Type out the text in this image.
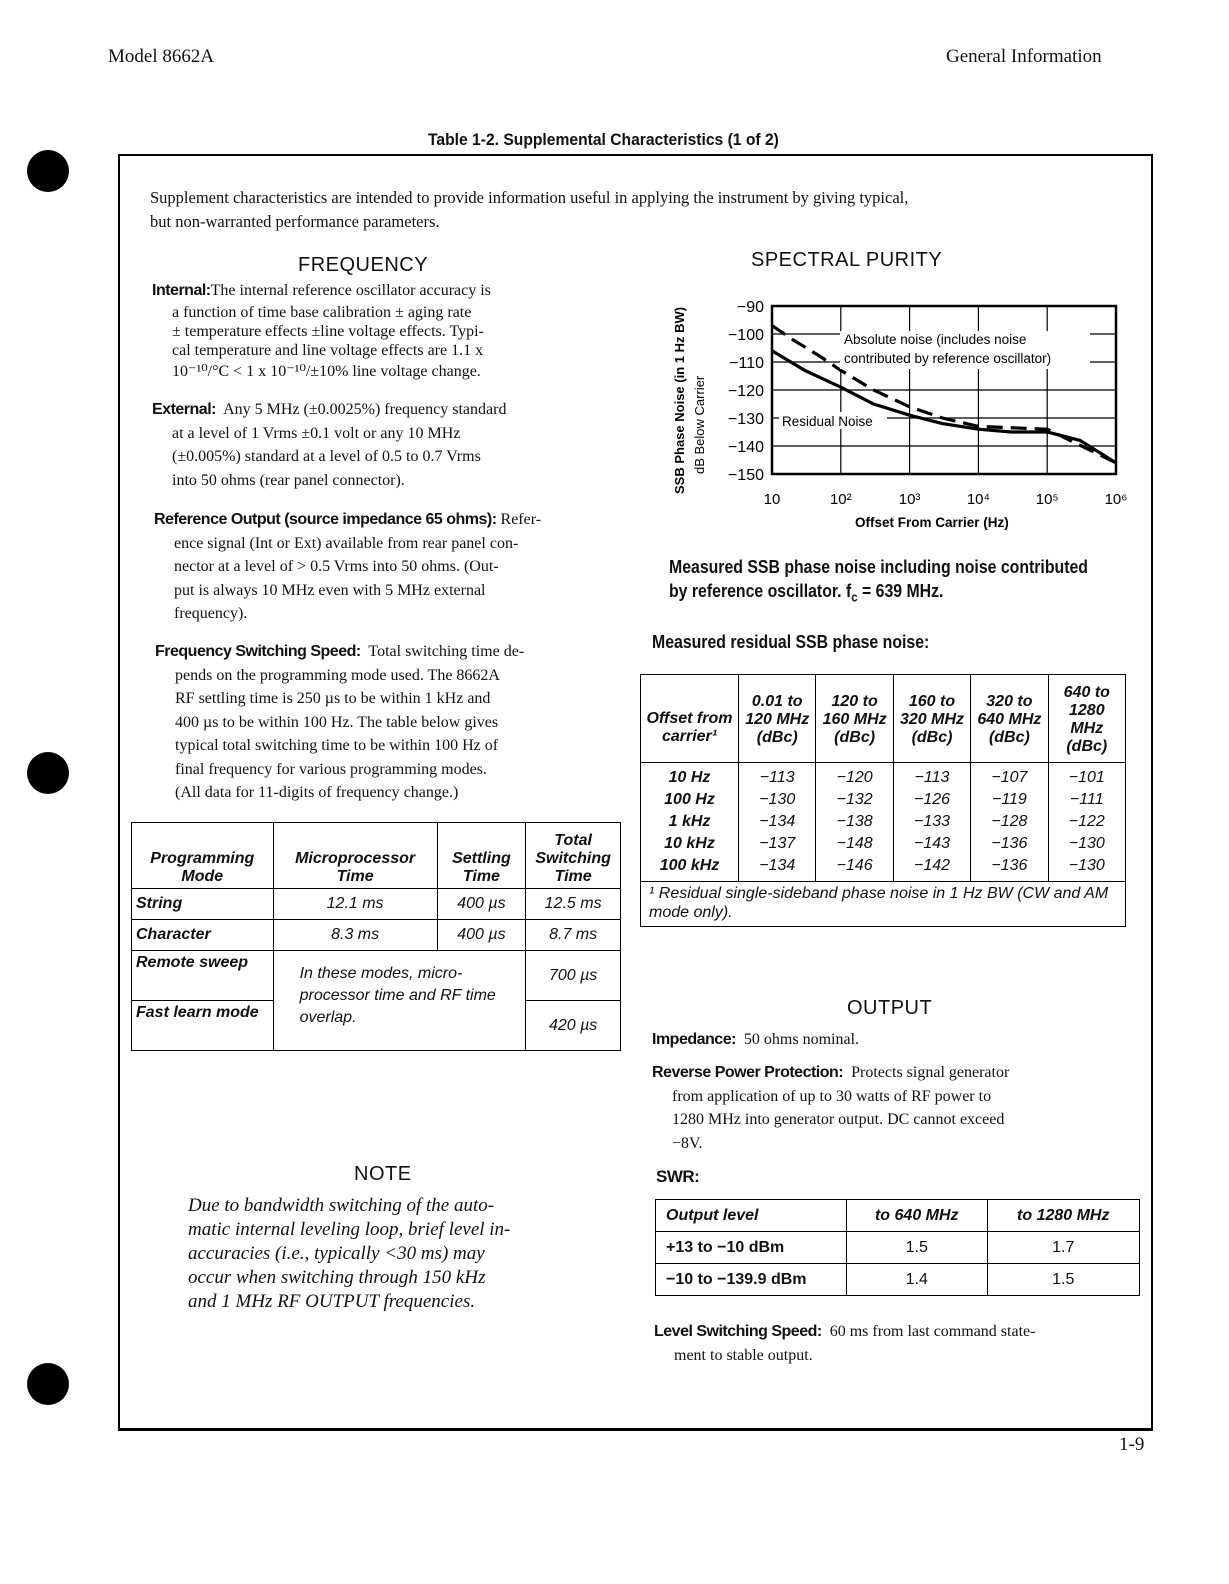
Model 8662A	General Information
Table 1-2. Supplemental Characteristics (1 of 2)
Supplement characteristics are intended to provide information useful in applying the instrument by giving typical,
but non-warranted performance parameters.
FREQUENCY
Internal:The internal reference oscillator accuracy is
a function of time base calibration ± aging rate
± temperature effects ±line voltage effects. Typi-
cal temperature and line voltage effects are 1.1 x
10⁻¹⁰/°C < 1 x 10⁻¹⁰/±10% line voltage change.
External: Any 5 MHz (±0.0025%) frequency standard
at a level of 1 Vrms ±0.1 volt or any 10 MHz
(±0.005%) standard at a level of 0.5 to 0.7 Vrms
into 50 ohms (rear panel connector).
Reference Output (source impedance 65 ohms): Refer-
ence signal (Int or Ext) available from rear panel con-
nector at a level of > 0.5 Vrms into 50 ohms. (Out-
put is always 10 MHz even with 5 MHz external
frequency).
Frequency Switching Speed: Total switching time de-
pends on the programming mode used. The 8662A
RF settling time is 250 µs to be within 1 kHz and
400 µs to be within 100 Hz. The table below gives
typical total switching time to be within 100 Hz of
final frequency for various programming modes.
(All data for 11-digits of frequency change.)
Programming Mode	Microprocessor Time	Settling Time	Total Switching Time
String	12.1 ms	400 µs	12.5 ms
Character	8.3 ms	400 µs	8.7 ms
Remote sweep	In these modes, micro-processor time and RF time overlap.		700 µs
Fast learn mode			420 µs
NOTE
Due to bandwidth switching of the auto-
matic internal leveling loop, brief level in-
accuracies (i.e., typically <30 ms) may
occur when switching through 150 kHz
and 1 MHz RF OUTPUT frequencies.
SPECTRAL PURITY
−90
−100
−110
−120
−130
−140
−150
10	10²	10³	10⁴	10⁵	10⁶
SSB Phase Noise (in 1 Hz BW) dB Below Carrier
Absolute noise (includes noise
contributed by reference oscillator)
Residual Noise
Offset From Carrier (Hz)
Measured SSB phase noise including noise contributed
by reference oscillator. $f_c = 639$ MHz.
Measured residual SSB phase noise:
Offset from carrier¹	0.01 to 120 MHz (dBc)	120 to 160 MHz (dBc)	160 to 320 MHz (dBc)	320 to 640 MHz (dBc)	640 to 1280 MHz (dBc)
10 Hz	−113	−120	−113	−107	−101
100 Hz	−130	−132	−126	−119	−111
1 kHz	−134	−138	−133	−128	−122
10 kHz	−137	−148	−143	−136	−130
100 kHz	−134	−146	−142	−136	−130
¹ Residual single-sideband phase noise in 1 Hz BW (CW and AM mode only).					
OUTPUT
Impedance: 50 ohms nominal.
Reverse Power Protection: Protects signal generator
from application of up to 30 watts of RF power to
1280 MHz into generator output. DC cannot exceed
−8V.
SWR:
Output level	to 640 MHz	to 1280 MHz
+13 to −10 dBm	1.5	1.7
−10 to −139.9 dBm	1.4	1.5
Level Switching Speed: 60 ms from last command state-
ment to stable output.
1-9
